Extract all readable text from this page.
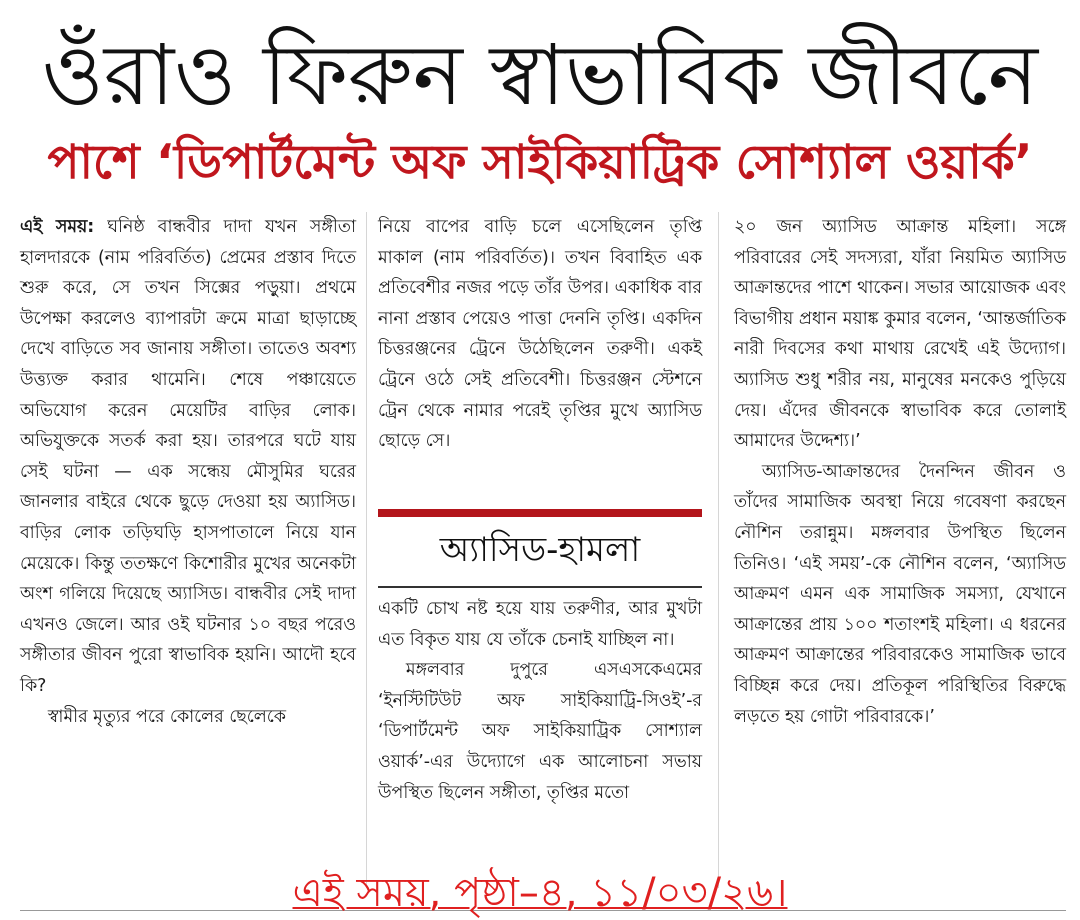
ওঁরাও ফিরুন স্বাভাবিক জীবনে
পাশে ‘ডিপার্টমেন্ট অফ সাইকিয়াট্রিক সোশ্যাল ওয়ার্ক’

এই সময়: ঘনিষ্ঠ বান্ধবীর দাদা যখন সঙ্গীতা হালদারকে (নাম পরিবর্তিত) প্রেমের প্রস্তাব দিতে শুরু করে, সে তখন সিক্সের পড়ুয়া। প্রথমে উপেক্ষা করলেও ব্যাপারটা ক্রমে মাত্রা ছাড়াচ্ছে দেখে বাড়িতে সব জানায় সঙ্গীতা। তাতেও অবশ্য উত্ত্যক্ত করার থামেনি। শেষে পঞ্চায়েতে অভিযোগ করেন মেয়েটির বাড়ির লোক। অভিযুক্তকে সতর্ক করা হয়। তারপরে ঘটে যায় সেই ঘটনা — এক সন্ধেয় মৌসুমির ঘরের জানলার বাইরে থেকে ছুড়ে দেওয়া হয় অ্যাসিড। বাড়ির লোক তড়িঘড়ি হাসপাতালে নিয়ে যান মেয়েকে। কিন্তু ততক্ষণে কিশোরীর মুখের অনেকটা অংশ গলিয়ে দিয়েছে অ্যাসিড। বান্ধবীর সেই দাদা এখনও জেলে। আর ওই ঘটনার ১০ বছর পরেও সঙ্গীতার জীবন পুরো স্বাভাবিক হয়নি। আদৌ হবে কি?

স্বামীর মৃত্যুর পরে কোলের ছেলেকে

নিয়ে বাপের বাড়ি চলে এসেছিলেন তৃপ্তি মাকাল (নাম পরিবর্তিত)। তখন বিবাহিত এক প্রতিবেশীর নজর পড়ে তাঁর উপর। একাধিক বার নানা প্রস্তাব পেয়েও পাত্তা দেননি তৃপ্তি। একদিন চিত্তরঞ্জনের ট্রেনে উঠেছিলেন তরুণী। একই ট্রেনে ওঠে সেই প্রতিবেশী। চিত্তরঞ্জন স্টেশনে ট্রেন থেকে নামার পরেই তৃপ্তির মুখে অ্যাসিড ছোড়ে সে।

অ্যাসিড-হামলা

একটি চোখ নষ্ট হয়ে যায় তরুণীর, আর মুখটা এত বিকৃত যায় যে তাঁকে চেনাই যাচ্ছিল না।

মঙ্গলবার দুপুরে এসএসকেএমের ‘ইনস্টিটিউট অফ সাইকিয়াট্রি-সিওই’-র ‘ডিপার্টমেন্ট অফ সাইকিয়াট্রিক সোশ্যাল ওয়ার্ক’-এর উদ্যোগে এক আলোচনা সভায় উপস্থিত ছিলেন সঙ্গীতা, তৃপ্তির মতো

২০ জন অ্যাসিড আক্রান্ত মহিলা। সঙ্গে পরিবারের সেই সদস্যরা, যাঁরা নিয়মিত অ্যাসিড আক্রান্তদের পাশে থাকেন। সভার আয়োজক এবং বিভাগীয় প্রধান ময়াঙ্ক কুমার বলেন, ‘আন্তর্জাতিক নারী দিবসের কথা মাথায় রেখেই এই উদ্যোগ। অ্যাসিড শুধু শরীর নয়, মানুষের মনকেও পুড়িয়ে দেয়। এঁদের জীবনকে স্বাভাবিক করে তোলাই আমাদের উদ্দেশ্য।’

অ্যাসিড-আক্রান্তদের দৈনন্দিন জীবন ও তাঁদের সামাজিক অবস্থা নিয়ে গবেষণা করছেন নৌশিন তরান্নুম। মঙ্গলবার উপস্থিত ছিলেন তিনিও। ‘এই সময়’-কে নৌশিন বলেন, ‘অ্যাসিড আক্রমণ এমন এক সামাজিক সমস্যা, যেখানে আক্রান্তের প্রায় ১০০ শতাংশই মহিলা। এ ধরনের আক্রমণ আক্রান্তের পরিবারকেও সামাজিক ভাবে বিচ্ছিন্ন করে দেয়। প্রতিকূল পরিস্থিতির বিরুদ্ধে লড়তে হয় গোটা পরিবারকে।’

এই সময়, পৃষ্ঠা–৪, ১১/০৩/২৬।
